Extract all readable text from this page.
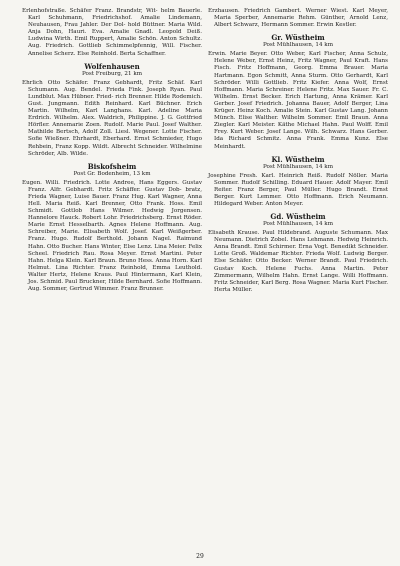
Erlenhofstraße. Schäfer Franz. Brandstr, Wit- helm Bauerle. Karl Schuhmann, Friedrichshof. Amalie Lindemann, Neuhausen, Frau Jahler. Der Dol- hold Büttner. Maria Wild. Anja Dohn, Hauri. Eva. Amalie Gnadl. Leopold Deiß. Ludwina Wirth. Emil Ruppert, Amalie Schön. Anton Schultz. Aug. Friedrich. Gottlieb Schimmelpfennig, Will. Fischer. Annelise Scherz. Else Reinhold. Berta Schaffner.

Wolfenhausen
Post Freiburg, 21 km

Ehrlich Otto Schäfer. Franz Gebhardt, Fritz Schäf. Karl Schumann. Aug. Bendel. Frieda Fink. Joseph Ryan. Paul Lundblut. Max Hübner. Fried- rich Brenner. Hilde Rodemich. Gust. Jungmann. Edith Reinhard. Karl Büchner. Erich Martin. Wilhelm, Karl Langhans. Karl. Adeline Maria Erdrich. Wilhelm. Alex. Waldrich, Philippine. J. G. Gottfried Hörfler. Annemarie Zoen. Rudolf. Marie Paul. Josef Walther. Mathilde Bertsch, Adolf Zoll. Liesl. Wegener. Lotte Fischer. Sofie Wießner. Ehrhardt, Eberhard. Ernst Schmieder, Hugo Rehbein, Franz Kopp. Wildt. Albrecht Schneider. Wilhelmine Schröder, Alb. Wilde.

Biskofsheim
Post Gr. Bodenheim, 13 km

Eugen. Willi. Friedrich. Lotte Andree, Hans Eggers. Gustav Franz. Alfr. Gebhardt. Fritz Schäffer. Gustav Dob- bratz, Frieda Wagner, Luise Bauer. Franz Hug. Karl Wagner, Anna Hell. Maria Reiß. Karl Brenner, Otto Frank. Hoss. Emil Schmidt. Gottlob Hans Wilmer. Hedwig Jorgensen. Hannelore Hauck. Robert Lohr. Friedrichsberg. Ernst Röder. Marie Ernst Hesselbarth. Agnes Helene Hoffmann. Aug. Schreiber, Marie. Elisabeth Wolf. Josef. Karl Weißgerber. Franz. Hugo. Rudolf Berthold. Johann Nagel. Raimund Hahn. Otto Bucher. Hans Winter, Else Lenz. Lina Meier. Felix Scheel. Friedrich Rau. Rosa Meyer. Ernst Martini. Peter Hahn. Helga Klein. Karl Braun. Bruno Hess. Anna Horn. Karl Helmut. Lina Richter. Franz Reinhold, Emma Leuthold. Walter Hertz, Helene Kraus. Paul Hintermann, Karl Klein, Jos. Schmid. Paul Bruckner, Hilde Bernhard. Sofie Hoffmann. Aug. Sommer, Gertrud Wimmer. Franz Brunner.

Erzhausen. Friedrich Gambert. Werner Wiest. Karl Meyer, Maria Sperber, Annemarie Rehm. Günther, Arnold Lenz, Albert Schwarz, Hermann Sommer. Erwin Kestler.

Gr. Wüstheim
Post Mühlhausen, 14 km

Erwin. Marie Beyer. Otto Weber, Karl Fischer, Anna Schulz, Helene Weber, Ernst Heinz, Fritz Wagner, Paul Kraft. Hans Fisch. Fritz Hoffmann, Georg. Emma Brauer. Maria Hartmann. Egon Schmitt, Anna Sturm. Otto Gerhardt, Karl Schröder. Willi Gottlieb. Fritz Kiefer. Anna Wolf, Ernst Hoffmann. Maria Schreiner. Helene Fritz. Max Sauer. Fr. C. Wilhelm. Ernst Becker. Erich Hartung, Anna Krämer. Karl Gerber. Josef Friedrich. Johanna Bauer, Adolf Berger, Lina Krüger. Heinz Koch. Amalie Stein. Karl Gustav Lang. Johann Münch. Elise Walther. Wilhelm Sommer. Emil Braun. Anna Ziegler. Karl Meister. Käthe Michael Hahn. Paul Wolff. Emil Frey. Kurt Weber. Josef Lange. Wilh. Schwarz. Hans Gerber. Ida Richard Schmitz. Anna Frank. Emma Kunz. Else Meinhardt.

Kl. Wüstheim
Post Mühlhausen, 14 km

Josephine Fresh. Karl. Heinrich Reiß. Rudolf Nöller. Maria Sommer. Rudolf Schilling. Eduard Hauer. Adolf Mayer. Emil Reiter. Franz Berger, Paul Müller. Hugo Brandt. Ernst Berger. Kurt Lemmer. Otto Hoffmann. Erich Neumann. Hildegard Weber. Anton Meyer.

Gd. Wüstheim
Post Mühlhausen, 14 km

Elisabeth Krause. Paul Hildebrand. Auguste Schumann. Max Neumann. Dietrich Zobel. Hans Lehmann. Hedwig Heinrich. Anna Brandt. Emil Schirmer. Erna Vogt. Benedikt Schneider. Lotte Groß. Waldemar Richter. Frieda Wolf. Ludwig Berger. Else Schäfer. Otto Becker. Werner Brandt. Paul Friedrich. Gustav Koch. Helene Fuchs. Anna Martin. Peter Zimmermann, Wilhelm Hahn. Ernst Lange. Willi Hoffmann. Fritz Schneider, Karl Berg. Rosa Wagner. Maria Kurt Fischer. Herta Müller.

29
